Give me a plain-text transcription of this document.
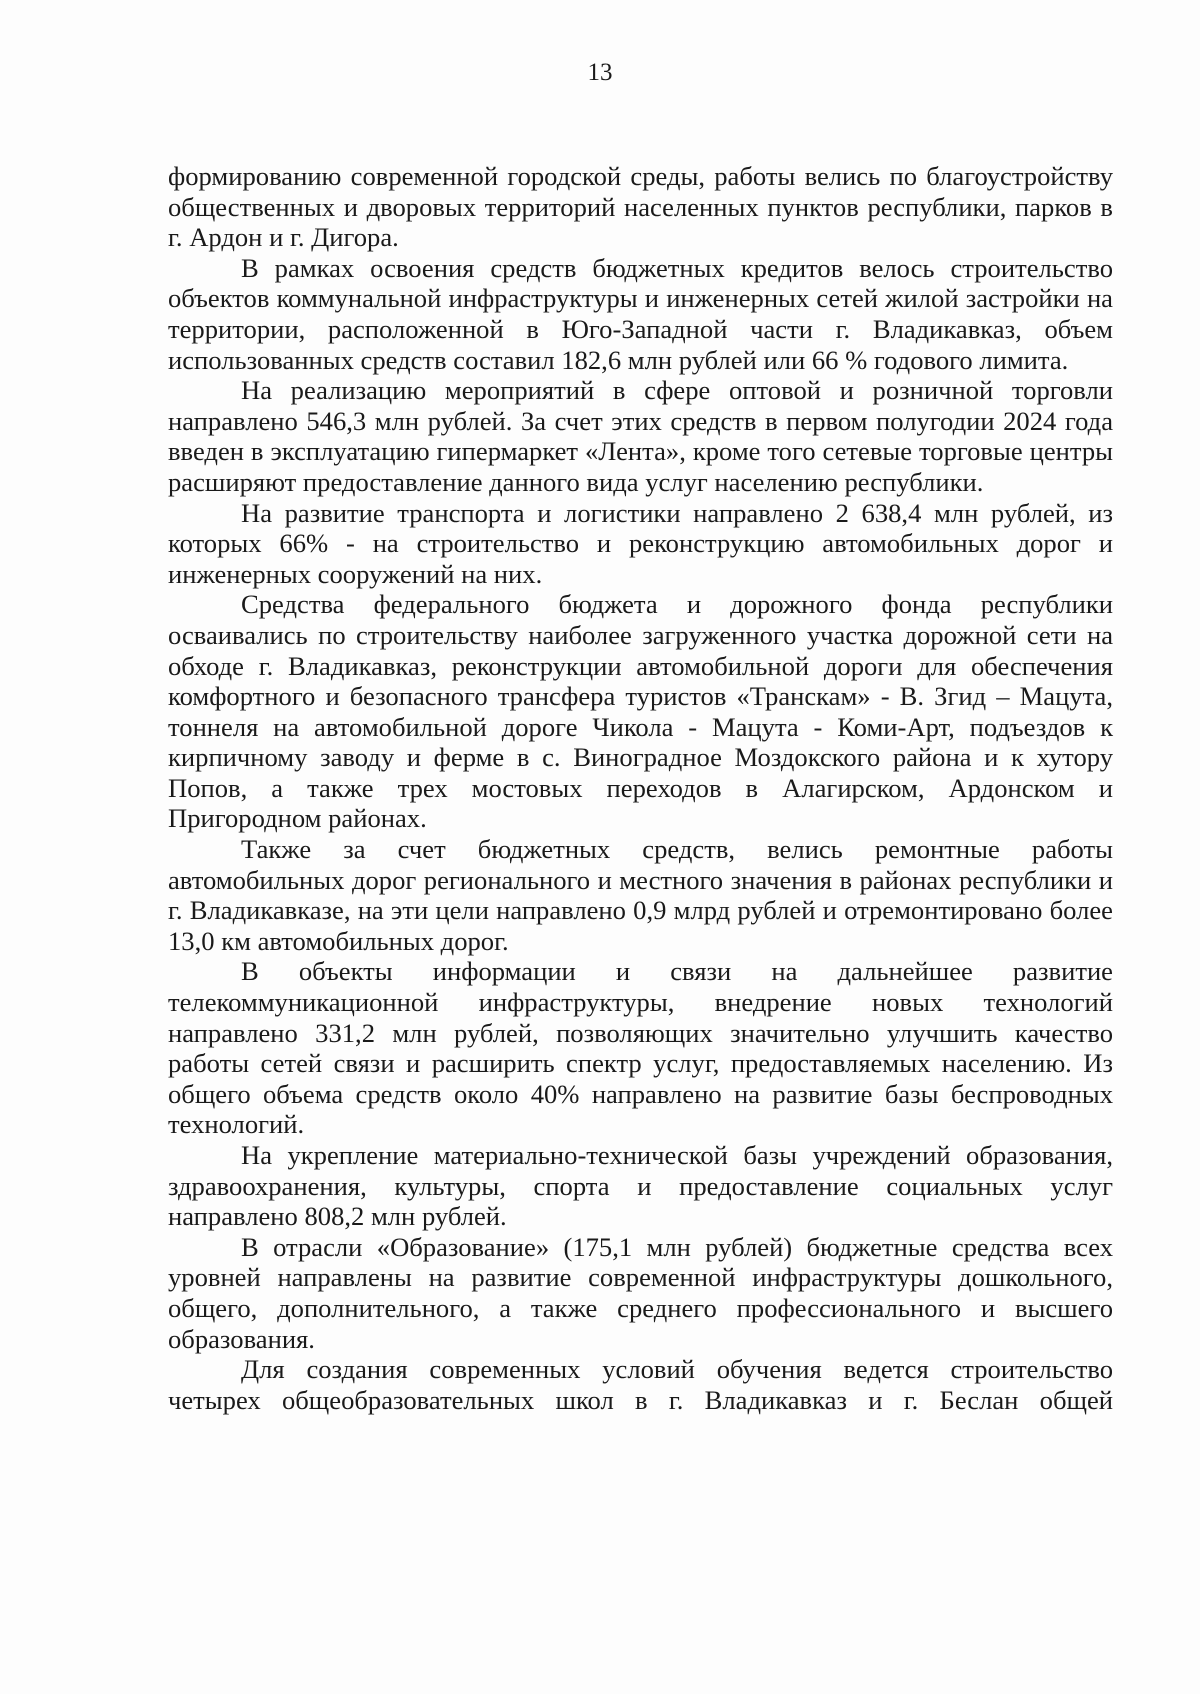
13

формированию современной городской среды, работы велись по благоустройству общественных и дворовых территорий населенных пунктов республики, парков в г. Ардон и г. Дигора.

В рамках освоения средств бюджетных кредитов велось строительство объектов коммунальной инфраструктуры и инженерных сетей жилой застройки на территории, расположенной в Юго-Западной части г. Владикавказ, объем использованных средств составил 182,6 млн рублей или 66 % годового лимита.

На реализацию мероприятий в сфере оптовой и розничной торговли направлено 546,3 млн рублей. За счет этих средств в первом полугодии 2024 года введен в эксплуатацию гипермаркет «Лента», кроме того сетевые торговые центры расширяют предоставление данного вида услуг населению республики.

На развитие транспорта и логистики направлено 2 638,4 млн рублей, из которых 66% - на строительство и реконструкцию автомобильных дорог и инженерных сооружений на них.

Средства федерального бюджета и дорожного фонда республики осваивались по строительству наиболее загруженного участка дорожной сети на обходе г. Владикавказ, реконструкции автомобильной дороги для обеспечения комфортного и безопасного трансфера туристов «Транскам» - В. Згид – Мацута, тоннеля на автомобильной дороге Чикола - Мацута - Коми-Арт, подъездов к кирпичному заводу и ферме в с. Виноградное Моздокского района и к хутору Попов, а также трех мостовых переходов в Алагирском, Ардонском и Пригородном районах.

Также за счет бюджетных средств, велись ремонтные работы автомобильных дорог регионального и местного значения в районах республики и г. Владикавказе, на эти цели направлено 0,9 млрд рублей и отремонтировано более 13,0 км автомобильных дорог.

В объекты информации и связи на дальнейшее развитие телекоммуникационной инфраструктуры, внедрение новых технологий направлено 331,2 млн рублей, позволяющих значительно улучшить качество работы сетей связи и расширить спектр услуг, предоставляемых населению. Из общего объема средств около 40% направлено на развитие базы беспроводных технологий.

На укрепление материально-технической базы учреждений образования, здравоохранения, культуры, спорта и предоставление социальных услуг направлено 808,2 млн рублей.

В отрасли «Образование» (175,1 млн рублей) бюджетные средства всех уровней направлены на развитие современной инфраструктуры дошкольного, общего, дополнительного, а также среднего профессионального и высшего образования.

Для создания современных условий обучения ведется строительство четырех общеобразовательных школ в г. Владикавказ и г. Беслан общей
